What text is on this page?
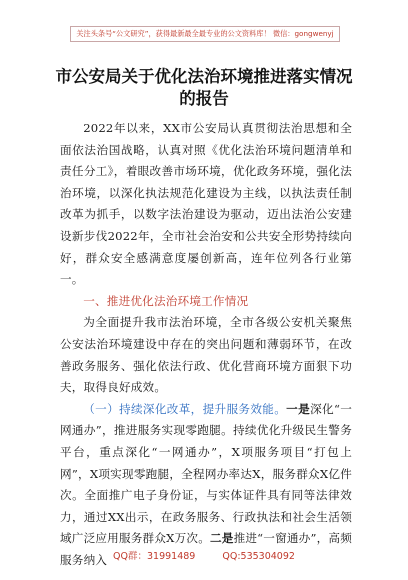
关注头条号“公文研究”，获得最新最全最专业的公文资料库！ 微信：gongwenyj
市公安局关于优化法治环境推进落实情况
的报告

2022年以来，XX市公安局认真贯彻法治思想和全面依法治国战略，认真对照《优化法治环境问题清单和责任分工》，着眼改善市场环境，优化政务环境，强化法治环境，以深化执法规范化建设为主线，以执法责任制改革为抓手，以数字法治建设为驱动，迈出法治公安建设新步伐2022年，全市社会治安和公共安全形势持续向好，群众安全感满意度屡创新高，连年位列各行业第一。

一、推进优化法治环境工作情况

为全面提升我市法治环境，全市各级公安机关聚焦公安法治环境建设中存在的突出问题和薄弱环节，在改善政务服务、强化依法行政、优化营商环境方面狠下功夫，取得良好成效。

（一）持续深化改革，提升服务效能。一是深化“一网通办”，推进服务实现零跑腿。持续优化升级民生警务平台，重点深化“一网通办”，X项服务项目“打包上网”，X项实现零跑腿，全程网办率达X，服务群众X亿件次。全面推广电子身份证，与实体证件具有同等法律效力，通过XX出示，在政务服务、行政执法和社会生活领域广泛应用服务群众X万次。二是推进“一窗通办”，高频服务纳入 QQ群：31991489	QQ:535304092
